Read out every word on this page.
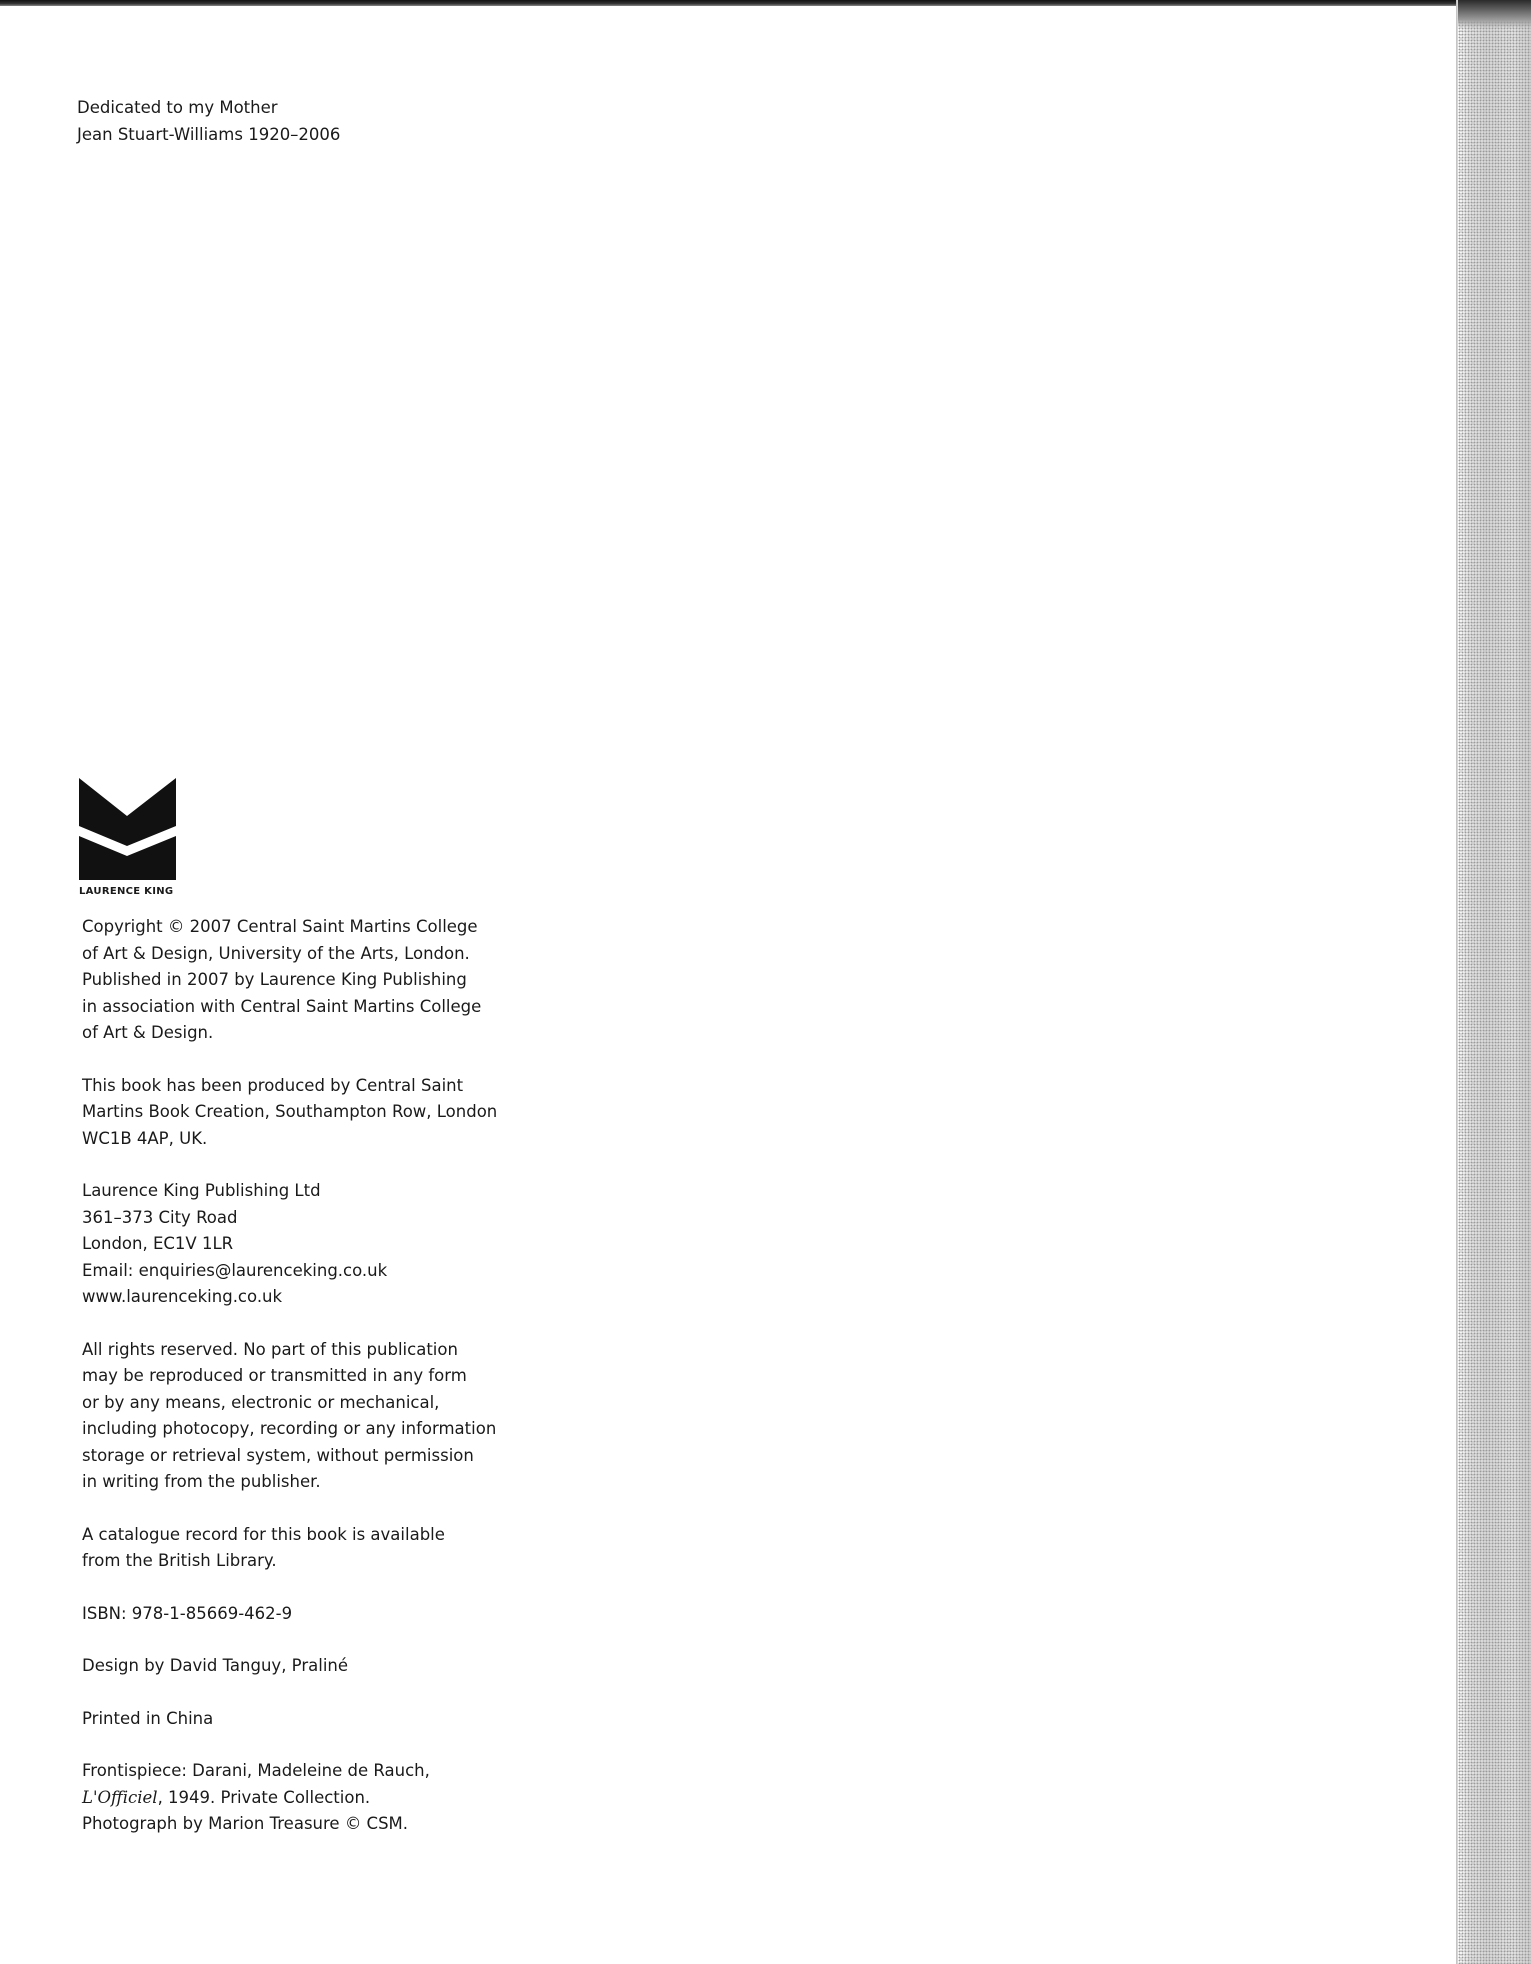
Dedicated to my Mother
Jean Stuart-Williams 1920–2006
LAURENCE KING
Copyright © 2007 Central Saint Martins College
of Art & Design, University of the Arts, London.
Published in 2007 by Laurence King Publishing
in association with Central Saint Martins College
of Art & Design.
This book has been produced by Central Saint
Martins Book Creation, Southampton Row, London
WC1B 4AP, UK.
Laurence King Publishing Ltd
361–373 City Road
London, EC1V 1LR
Email: enquiries@laurenceking.co.uk
www.laurenceking.co.uk
All rights reserved. No part of this publication
may be reproduced or transmitted in any form
or by any means, electronic or mechanical,
including photocopy, recording or any information
storage or retrieval system, without permission
in writing from the publisher.
A catalogue record for this book is available
from the British Library.
ISBN: 978-1-85669-462-9
Design by David Tanguy, Praliné
Printed in China
Frontispiece: Darani, Madeleine de Rauch,
L'Officiel, 1949. Private Collection.
Photograph by Marion Treasure © CSM.
